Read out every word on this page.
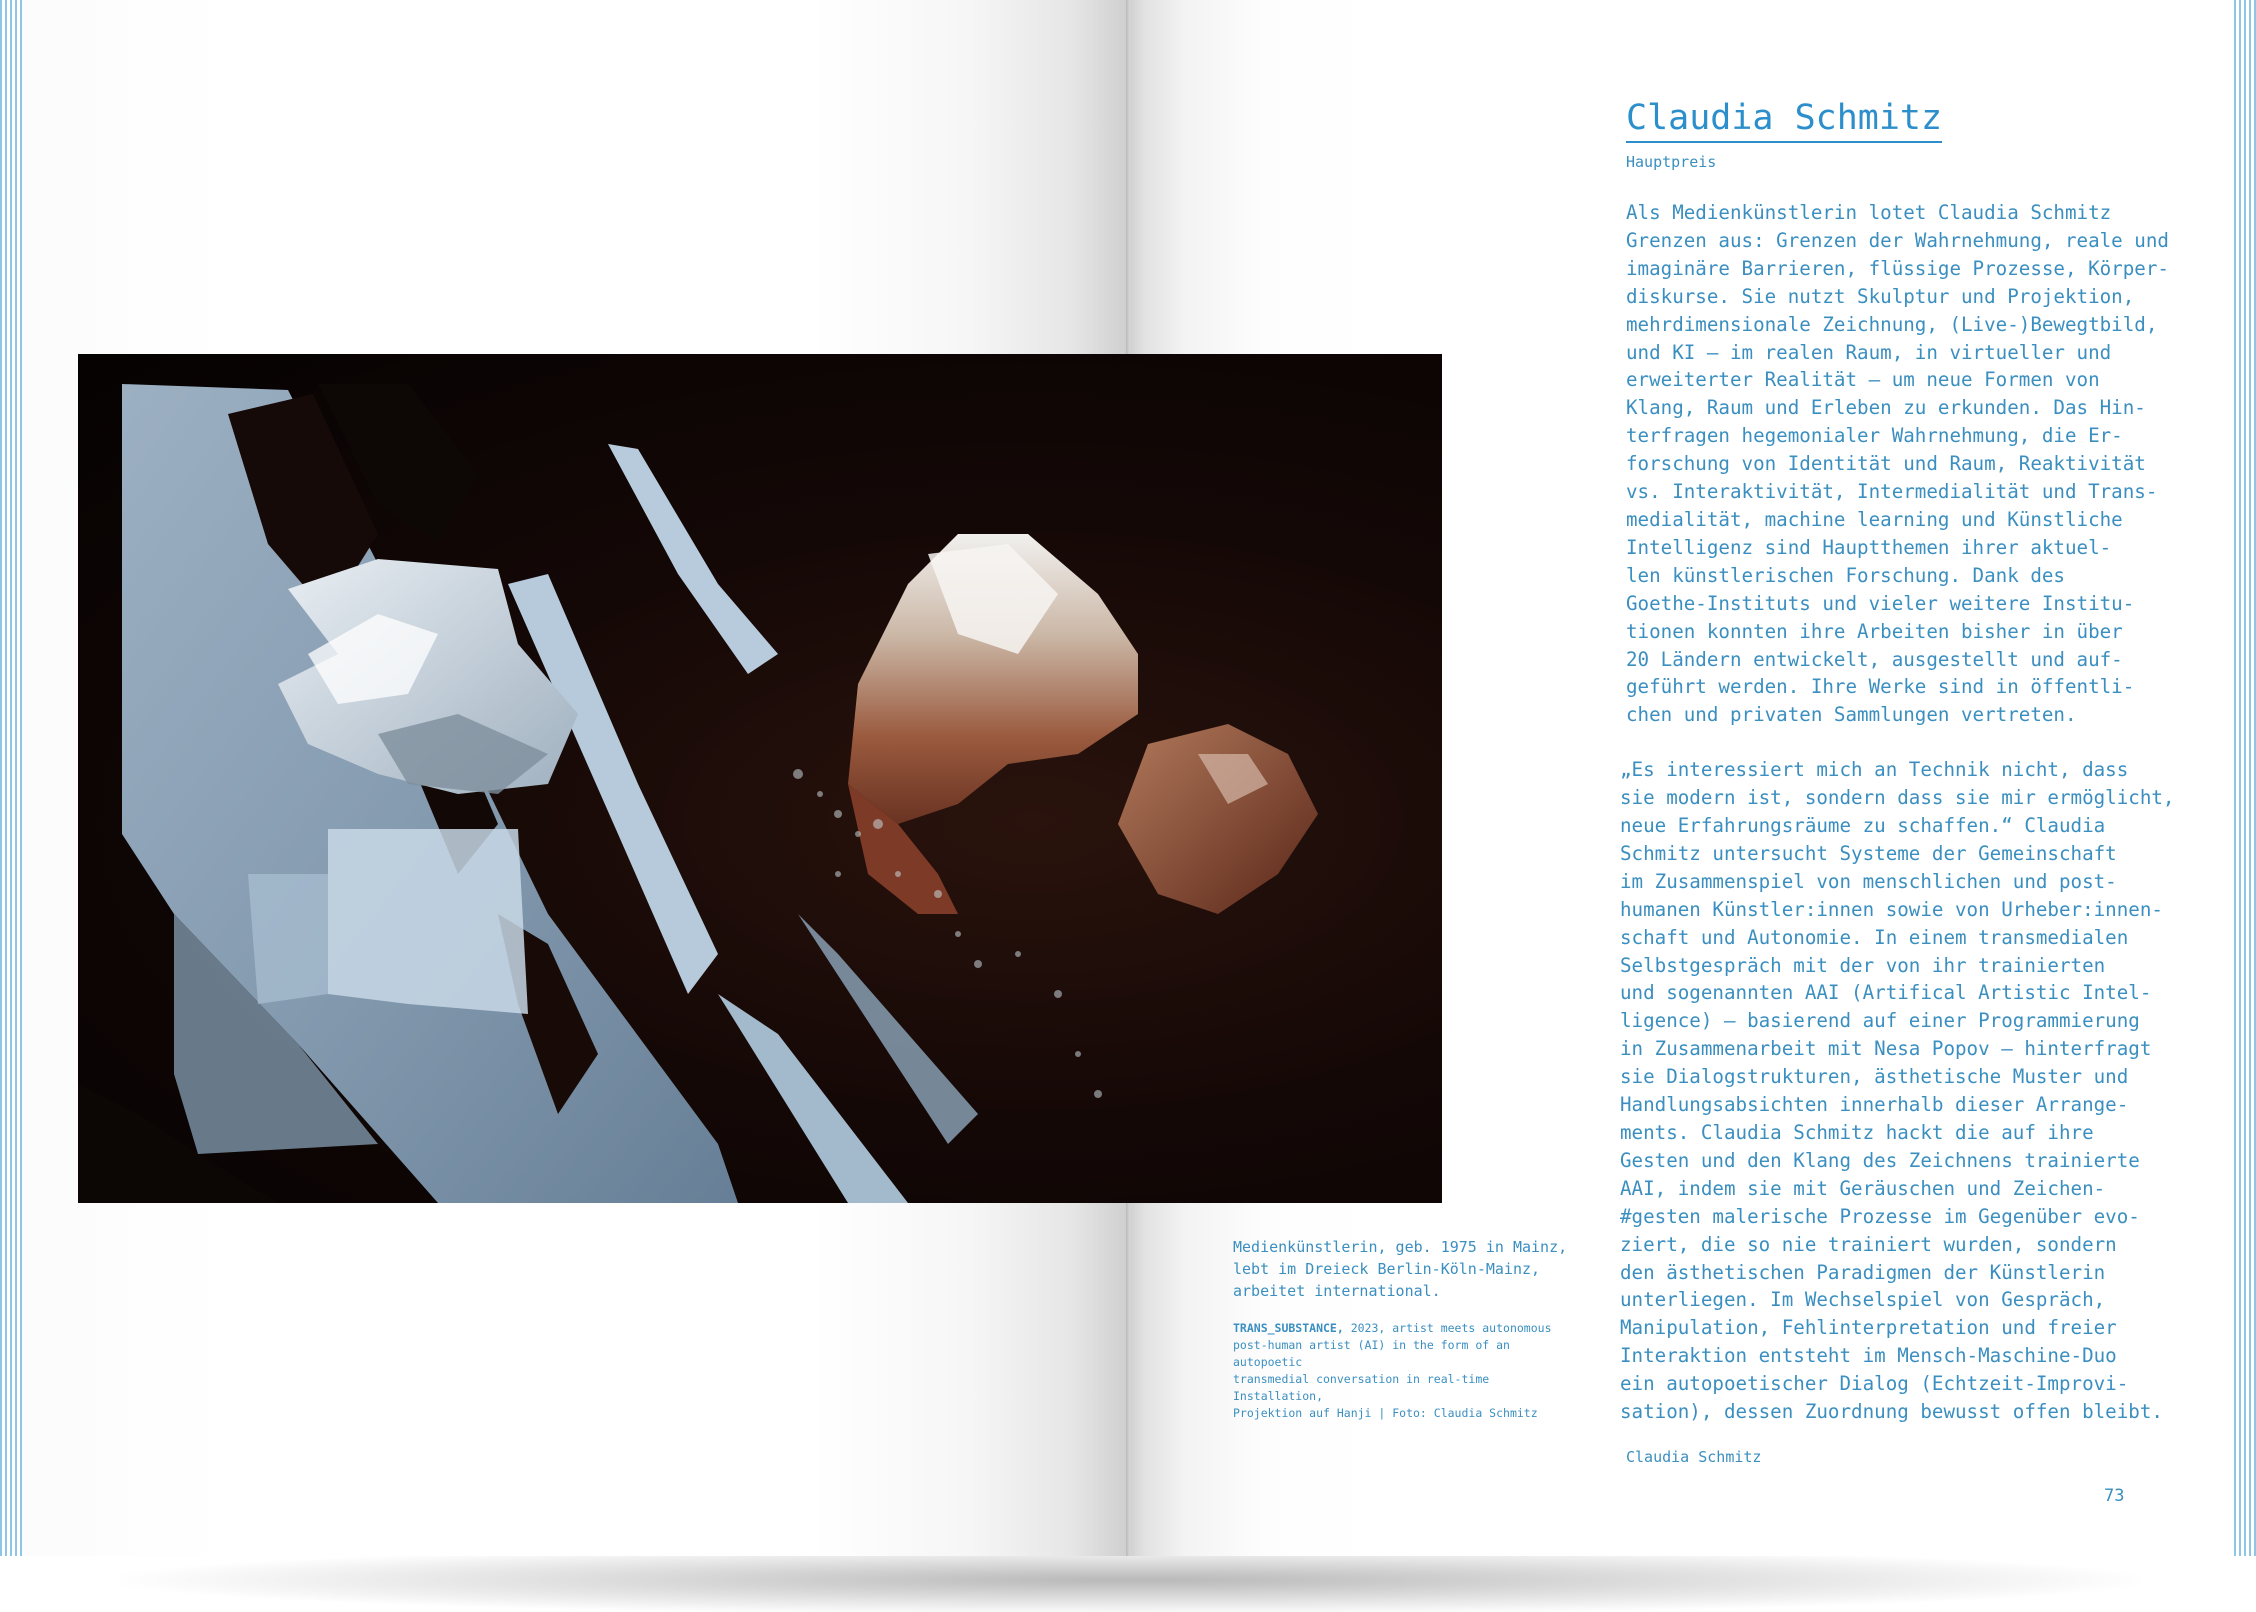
Medienkünstlerin, geb. 1975 in Mainz,
lebt im Dreieck Berlin-Köln-Mainz,
arbeitet international.

TRANS_SUBSTANCE, 2023, artist meets autonomous
post-human artist (AI) in the form of an autopoetic
transmedial conversation in real-time Installation,
Projektion auf Hanji | Foto: Claudia Schmitz

Claudia Schmitz

Hauptpreis

Als Medienkünstlerin lotet Claudia Schmitz
Grenzen aus: Grenzen der Wahrnehmung, reale und
imaginäre Barrieren, flüssige Prozesse, Körper-
diskurse. Sie nutzt Skulptur und Projektion,
mehrdimensionale Zeichnung, (Live-)Bewegtbild,
und KI – im realen Raum, in virtueller und
erweiterter Realität – um neue Formen von
Klang, Raum und Erleben zu erkunden. Das Hin-
terfragen hegemonialer Wahrnehmung, die Er-
forschung von Identität und Raum, Reaktivität
vs. Interaktivität, Intermedialität und Trans-
medialität, machine learning und Künstliche
Intelligenz sind Hauptthemen ihrer aktuel-
len künstlerischen Forschung. Dank des
Goethe-Instituts und vieler weitere Institu-
tionen konnten ihre Arbeiten bisher in über
20 Ländern entwickelt, ausgestellt und auf-
geführt werden. Ihre Werke sind in öffentli-
chen und privaten Sammlungen vertreten.

„Es interessiert mich an Technik nicht, dass
sie modern ist, sondern dass sie mir ermöglicht,
neue Erfahrungsräume zu schaffen.“ Claudia
Schmitz untersucht Systeme der Gemeinschaft
im Zusammenspiel von menschlichen und post-
humanen Künstler:innen sowie von Urheber:innen-
schaft und Autonomie. In einem transmedialen
Selbstgespräch mit der von ihr trainierten
und sogenannten AAI (Artifical Artistic Intel-
ligence) – basierend auf einer Programmierung
in Zusammenarbeit mit Nesa Popov – hinterfragt
sie Dialogstrukturen, ästhetische Muster und
Handlungsabsichten innerhalb dieser Arrange-
ments. Claudia Schmitz hackt die auf ihre
Gesten und den Klang des Zeichnens trainierte
AAI, indem sie mit Geräuschen und Zeichen-
#gesten malerische Prozesse im Gegenüber evo-
ziert, die so nie trainiert wurden, sondern
den ästhetischen Paradigmen der Künstlerin
unterliegen. Im Wechselspiel von Gespräch,
Manipulation, Fehlinterpretation und freier
Interaktion entsteht im Mensch-Maschine-Duo
ein autopoetischer Dialog (Echtzeit-Improvi-
sation), dessen Zuordnung bewusst offen bleibt.

Claudia Schmitz

73
